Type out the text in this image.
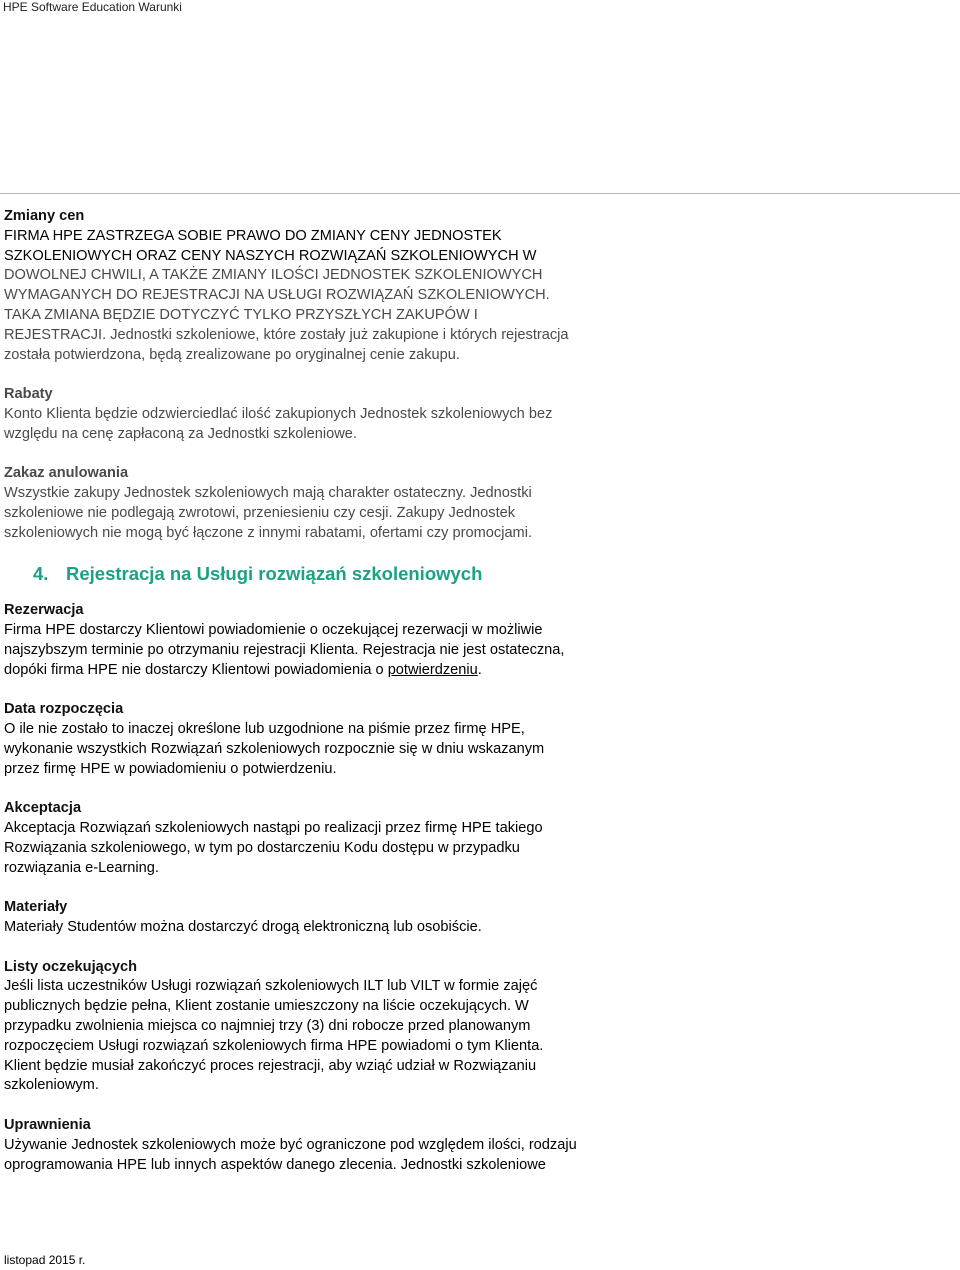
HPE Software Education Warunki
Zmiany cen
FIRMA HPE ZASTRZEGA SOBIE PRAWO DO ZMIANY CENY JEDNOSTEK
SZKOLENIOWYCH ORAZ CENY NASZYCH ROZWIĄZAŃ SZKOLENIOWYCH W
DOWOLNEJ CHWILI, A TAKŻE ZMIANY ILOŚCI JEDNOSTEK SZKOLENIOWYCH
WYMAGANYCH DO REJESTRACJI NA USŁUGI ROZWIĄZAŃ SZKOLENIOWYCH.
TAKA ZMIANA BĘDZIE DOTYCZYĆ TYLKO PRZYSZŁYCH ZAKUPÓW I
REJESTRACJI. Jednostki szkoleniowe, które zostały już zakupione i których rejestracja
została potwierdzona, będą zrealizowane po oryginalnej cenie zakupu.
Rabaty
Konto Klienta będzie odzwierciedlać ilość zakupionych Jednostek szkoleniowych bez
względu na cenę zapłaconą za Jednostki szkoleniowe.
Zakaz anulowania
Wszystkie zakupy Jednostek szkoleniowych mają charakter ostateczny. Jednostki
szkoleniowe nie podlegają zwrotowi, przeniesieniu czy cesji. Zakupy Jednostek
szkoleniowych nie mogą być łączone z innymi rabatami, ofertami czy promocjami.
4. Rejestracja na Usługi rozwiązań szkoleniowych
Rezerwacja
Firma HPE dostarczy Klientowi powiadomienie o oczekującej rezerwacji w możliwie
najszybszym terminie po otrzymaniu rejestracji Klienta. Rejestracja nie jest ostateczna,
dopóki firma HPE nie dostarczy Klientowi powiadomienia o potwierdzeniu.
Data rozpoczęcia
O ile nie zostało to inaczej określone lub uzgodnione na piśmie przez firmę HPE,
wykonanie wszystkich Rozwiązań szkoleniowych rozpocznie się w dniu wskazanym
przez firmę HPE w powiadomieniu o potwierdzeniu.
Akceptacja
Akceptacja Rozwiązań szkoleniowych nastąpi po realizacji przez firmę HPE takiego
Rozwiązania szkoleniowego, w tym po dostarczeniu Kodu dostępu w przypadku
rozwiązania e-Learning.
Materiały
Materiały Studentów można dostarczyć drogą elektroniczną lub osobiście.
Listy oczekujących
Jeśli lista uczestników Usługi rozwiązań szkoleniowych ILT lub VILT w formie zajęć
publicznych będzie pełna, Klient zostanie umieszczony na liście oczekujących. W
przypadku zwolnienia miejsca co najmniej trzy (3) dni robocze przed planowanym
rozpoczęciem Usługi rozwiązań szkoleniowych firma HPE powiadomi o tym Klienta.
Klient będzie musiał zakończyć proces rejestracji, aby wziąć udział w Rozwiązaniu
szkoleniowym.
Uprawnienia
Używanie Jednostek szkoleniowych może być ograniczone pod względem ilości, rodzaju
oprogramowania HPE lub innych aspektów danego zlecenia. Jednostki szkoleniowe
listopad 2015 r.
